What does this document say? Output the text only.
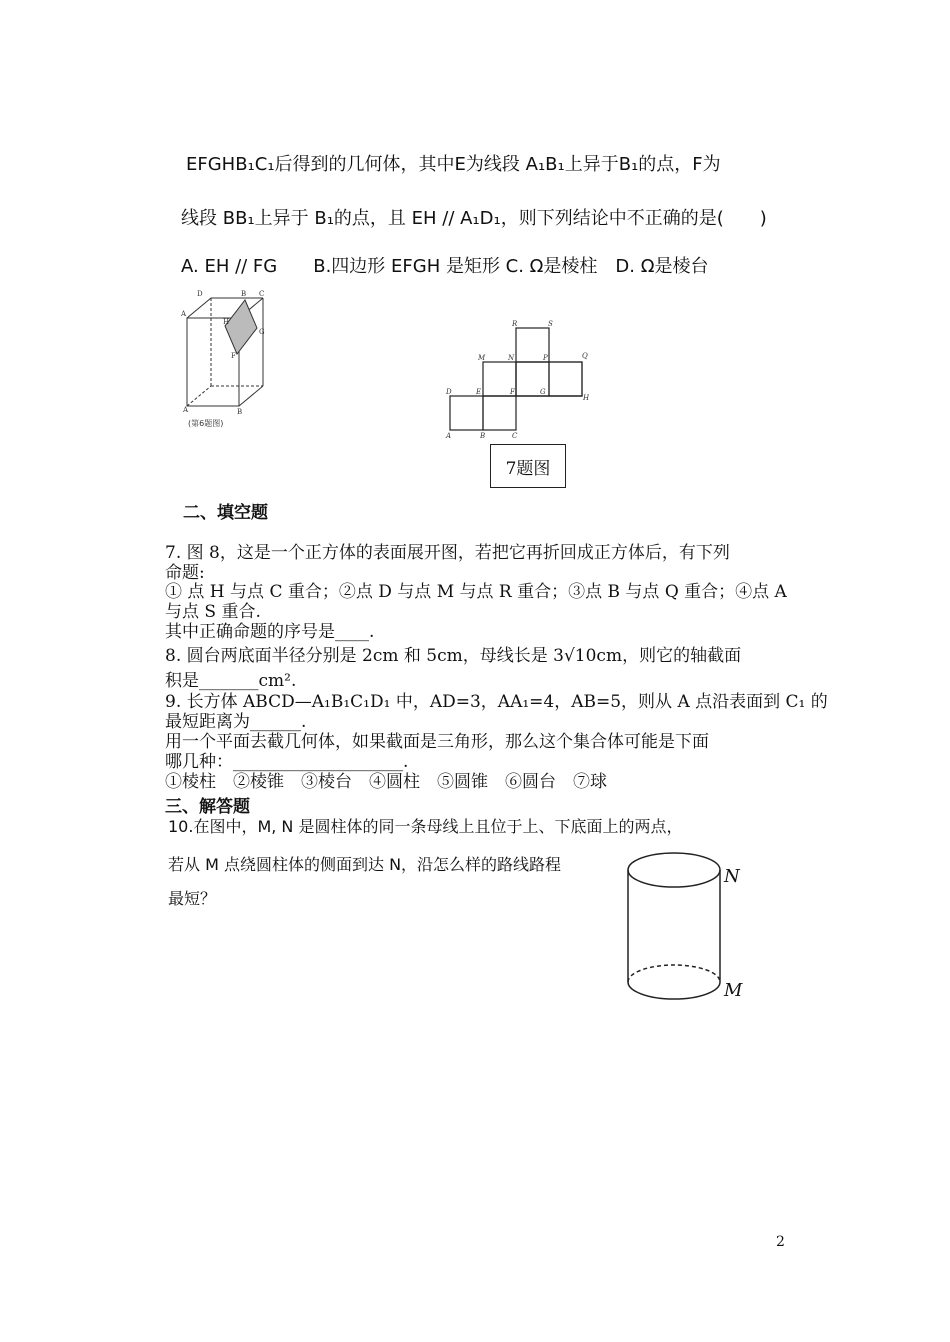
EFGHB₁C₁后得到的几何体，其中E为线段 A₁B₁上异于B₁的点，F为
线段 BB₁上异于 B₁的点，且 EH // A₁D₁，则下列结论中不正确的是(　　)
A. EH // FG　　B.四边形 EFGH 是矩形 C. Ω是棱柱　D. Ω是棱台
D
A
B C
H
G
F
A	B
(第6题图)
R	S
M	N	P	Q
D	E	F	G
H
A	B	C
7题图
二、填空题
7. 图 8，这是一个正方体的表面展开图，若把它再折回成正方体后，有下列
命题:
① 点 H 与点 C 重合；②点 D 与点 M 与点 R 重合；③点 B 与点 Q 重合；④点 A
与点 S 重合.
其中正确命题的序号是____.
8. 圆台两底面半径分别是 2cm 和 5cm，母线长是 3√10cm，则它的轴截面
积是_______cm².
9. 长方体 ABCD—A₁B₁C₁D₁ 中，AD=3，AA₁=4，AB=5，则从 A 点沿表面到 C₁ 的
最短距离为______.
用一个平面去截几何体，如果截面是三角形，那么这个集合体可能是下面
哪几种：____________________.
①棱柱　②棱锥　③棱台　④圆柱　⑤圆锥　⑥圆台　⑦球
三、解答题
10.在图中，M, N 是圆柱体的同一条母线上且位于上、下底面上的两点，
若从 M 点绕圆柱体的侧面到达 N，沿怎么样的路线路程
最短？
N
M
2
